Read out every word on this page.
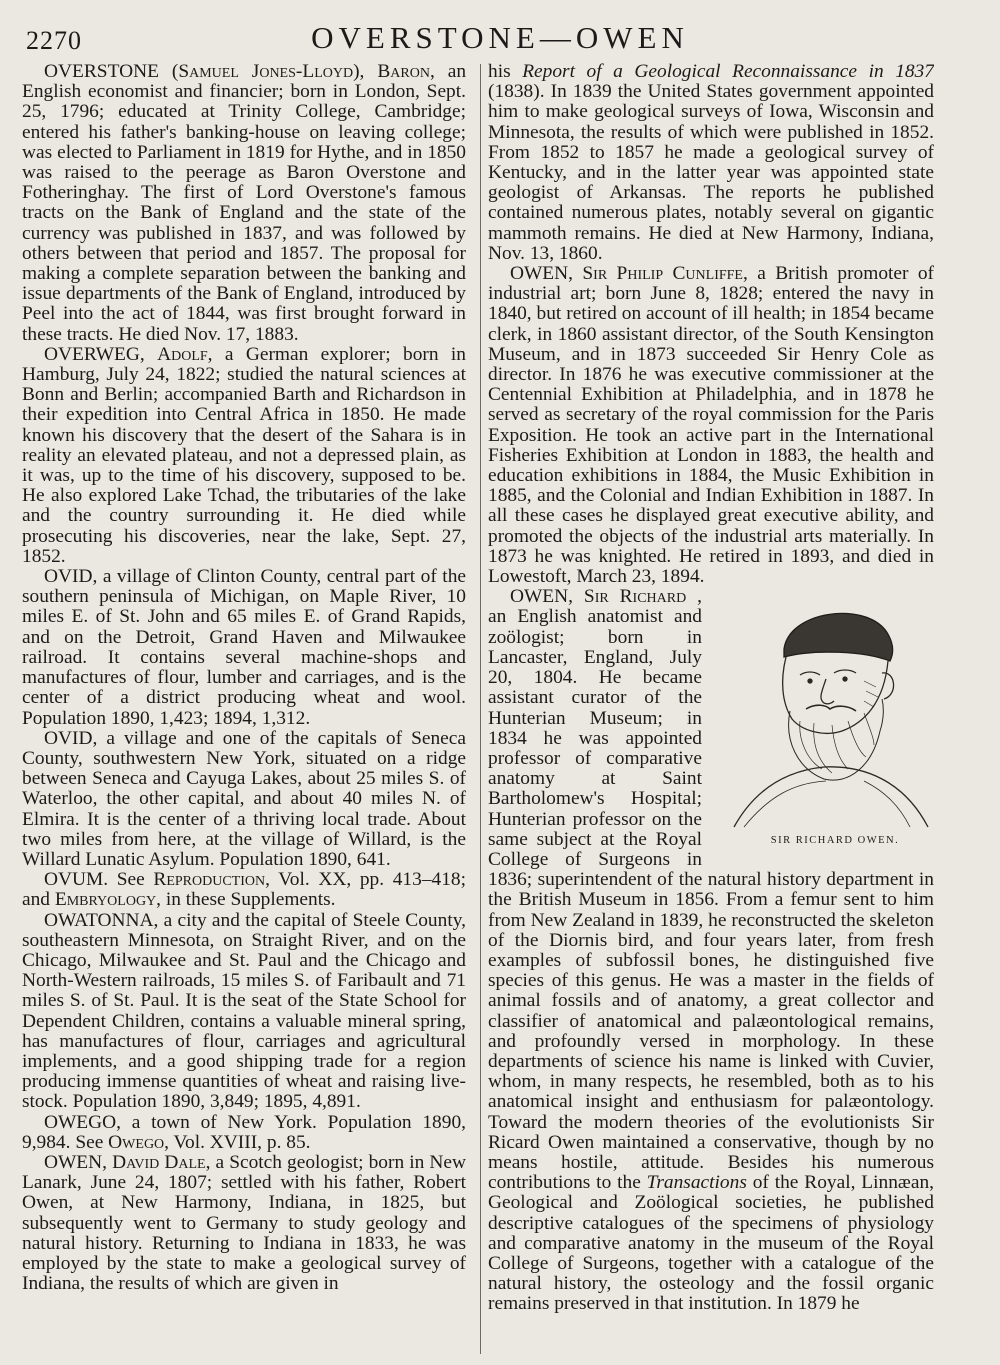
2270	OVERSTONE—OWEN

OVERSTONE (Samuel Jones-Lloyd), Baron, an English economist and financier; born in London, Sept. 25, 1796; educated at Trinity College, Cambridge; entered his father's banking-house on leaving college; was elected to Parliament in 1819 for Hythe, and in 1850 was raised to the peerage as Baron Overstone and Fotheringhay. The first of Lord Overstone's famous tracts on the Bank of England and the state of the currency was published in 1837, and was followed by others between that period and 1857. The proposal for making a complete separation between the banking and issue departments of the Bank of England, introduced by Peel into the act of 1844, was first brought forward in these tracts. He died Nov. 17, 1883.

OVERWEG, Adolf, a German explorer; born in Hamburg, July 24, 1822; studied the natural sciences at Bonn and Berlin; accompanied Barth and Richardson in their expedition into Central Africa in 1850. He made known his discovery that the desert of the Sahara is in reality an elevated plateau, and not a depressed plain, as it was, up to the time of his discovery, supposed to be. He also explored Lake Tchad, the tributaries of the lake and the country surrounding it. He died while prosecuting his discoveries, near the lake, Sept. 27, 1852.

OVID, a village of Clinton County, central part of the southern peninsula of Michigan, on Maple River, 10 miles E. of St. John and 65 miles E. of Grand Rapids, and on the Detroit, Grand Haven and Milwaukee railroad. It contains several machine-shops and manufactures of flour, lumber and carriages, and is the center of a district producing wheat and wool. Population 1890, 1,423; 1894, 1,312.

OVID, a village and one of the capitals of Seneca County, southwestern New York, situated on a ridge between Seneca and Cayuga Lakes, about 25 miles S. of Waterloo, the other capital, and about 40 miles N. of Elmira. It is the center of a thriving local trade. About two miles from here, at the village of Willard, is the Willard Lunatic Asylum. Population 1890, 641.

OVUM. See Reproduction, Vol. XX, pp. 413–418; and Embryology, in these Supplements.

OWATONNA, a city and the capital of Steele County, southeastern Minnesota, on Straight River, and on the Chicago, Milwaukee and St. Paul and the Chicago and North-Western railroads, 15 miles S. of Faribault and 71 miles S. of St. Paul. It is the seat of the State School for Dependent Children, contains a valuable mineral spring, has manufactures of flour, carriages and agricultural implements, and a good shipping trade for a region producing immense quantities of wheat and raising live-stock. Population 1890, 3,849; 1895, 4,891.

OWEGO, a town of New York. Population 1890, 9,984. See Owego, Vol. XVIII, p. 85.

OWEN, David Dale, a Scotch geologist; born in New Lanark, June 24, 1807; settled with his father, Robert Owen, at New Harmony, Indiana, in 1825, but subsequently went to Germany to study geology and natural history. Returning to Indiana in 1833, he was employed by the state to make a geological survey of Indiana, the results of which are given in

his Report of a Geological Reconnaissance in 1837 (1838). In 1839 the United States government appointed him to make geological surveys of Iowa, Wisconsin and Minnesota, the results of which were published in 1852. From 1852 to 1857 he made a geological survey of Kentucky, and in the latter year was appointed state geologist of Arkansas. The reports he published contained numerous plates, notably several on gigantic mammoth remains. He died at New Harmony, Indiana, Nov. 13, 1860.

OWEN, Sir Philip Cunliffe, a British promoter of industrial art; born June 8, 1828; entered the navy in 1840, but retired on account of ill health; in 1854 became clerk, in 1860 assistant director, of the South Kensington Museum, and in 1873 succeeded Sir Henry Cole as director. In 1876 he was executive commissioner at the Centennial Exhibition at Philadelphia, and in 1878 he served as secretary of the royal commission for the Paris Exposition. He took an active part in the International Fisheries Exhibition at London in 1883, the health and education exhibitions in 1884, the Music Exhibition in 1885, and the Colonial and Indian Exhibition in 1887. In all these cases he displayed great executive ability, and promoted the objects of the industrial arts materially. In 1873 he was knighted. He retired in 1893, and died in Lowestoft, March 23, 1894.

OWEN, Sir Richard
SIR RICHARD OWEN.
, an English anatomist and zoölogist; born in Lancaster, England, July 20, 1804. He became assistant curator of the Hunterian Museum; in 1834 he was appointed professor of comparative anatomy at Saint Bartholomew's Hospital; Hunterian professor on the same subject at the Royal College of Surgeons in 1836; superintendent of the natural history department in the British Museum in 1856. From a femur sent to him from New Zealand in 1839, he reconstructed the skeleton of the Diornis bird, and four years later, from fresh examples of subfossil bones, he distinguished five species of this genus. He was a master in the fields of animal fossils and of anatomy, a great collector and classifier of anatomical and palæontological remains, and profoundly versed in morphology. In these departments of science his name is linked with Cuvier, whom, in many respects, he resembled, both as to his anatomical insight and enthusiasm for palæontology. Toward the modern theories of the evolutionists Sir Ricard Owen maintained a conservative, though by no means hostile, attitude. Besides his numerous contributions to the Transactions of the Royal, Linnæan, Geological and Zoölogical societies, he published descriptive catalogues of the specimens of physiology and comparative anatomy in the museum of the Royal College of Surgeons, together with a catalogue of the natural history, the osteology and the fossil organic remains preserved in that institution. In 1879 he
